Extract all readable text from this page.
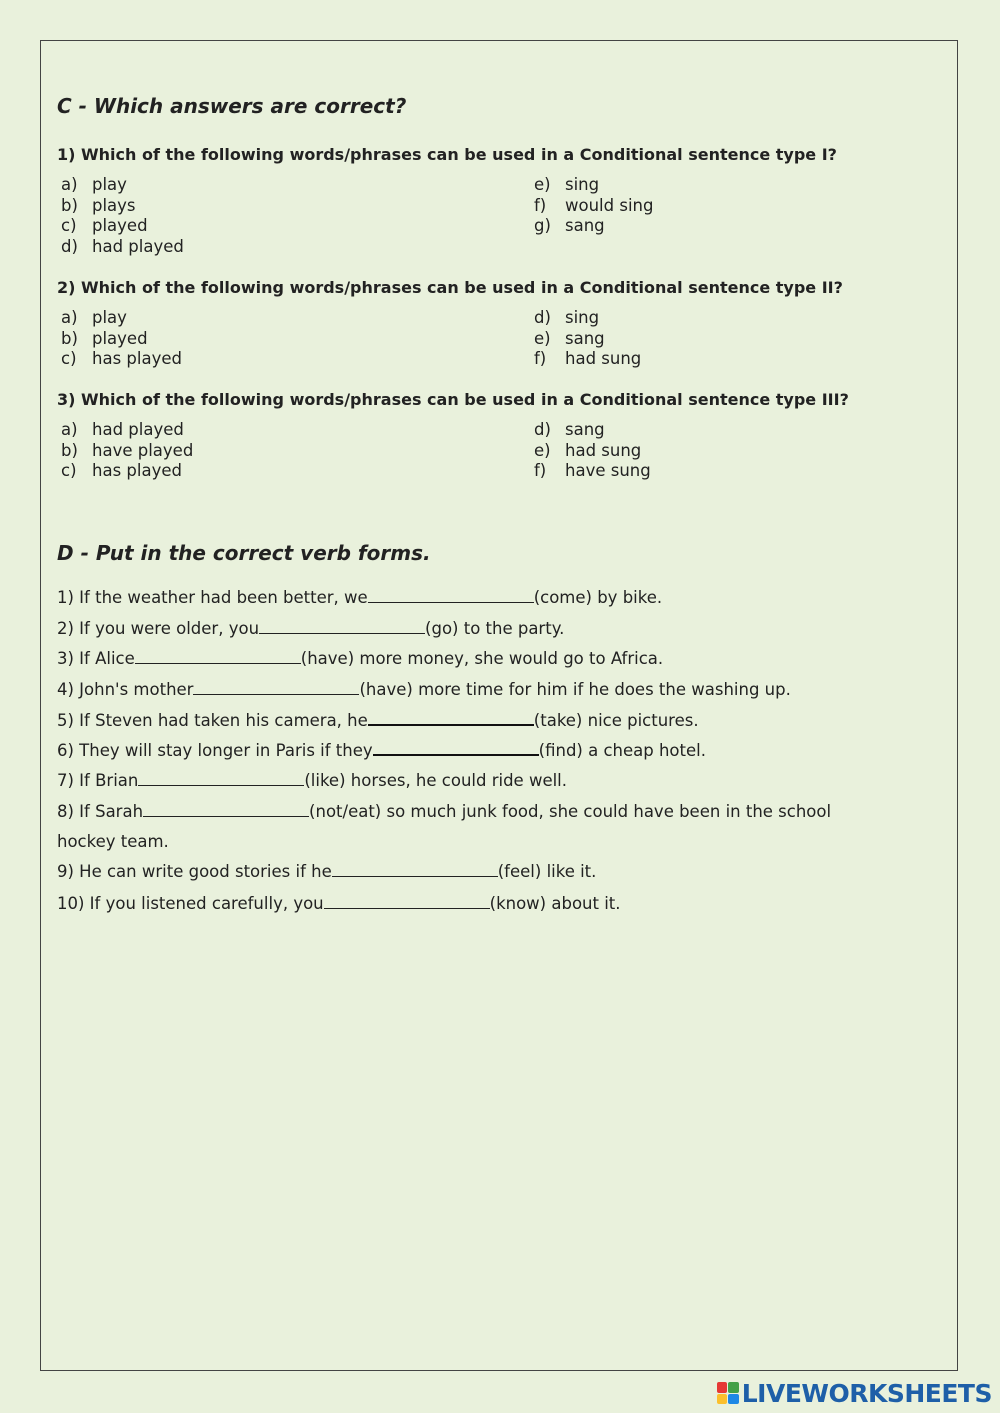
C - Which answers are correct?

1) Which of the following words/phrases can be used in a Conditional sentence type I?

a) play
b) plays
c) played
d) had played
e) sing
f) would sing
g) sang

2) Which of the following words/phrases can be used in a Conditional sentence type II?

a) play
b) played
c) has played
d) sing
e) sang
f) had sung

3) Which of the following words/phrases can be used in a Conditional sentence type III?

a) had played
b) have played
c) has played
d) sang
e) had sung
f) have sung
D - Put in the correct verb forms.
1) If the weather had been better, we	(come) by bike.
2) If you were older, you	(go) to the party.
3) If Alice	(have) more money, she would go to Africa.
4) John's mother	(have) more time for him if he does the washing up.
5) If Steven had taken his camera, he	(take) nice pictures.
6) They will stay longer in Paris if they	(find) a cheap hotel.
7) If Brian	(like) horses, he could ride well.
8) If Sarah	(not/eat) so much junk food, she could have been in the school
hockey team.
9) He can write good stories if he	(feel) like it.
10) If you listened carefully, you	(know) about it.
LIVEWORKSHEETS
